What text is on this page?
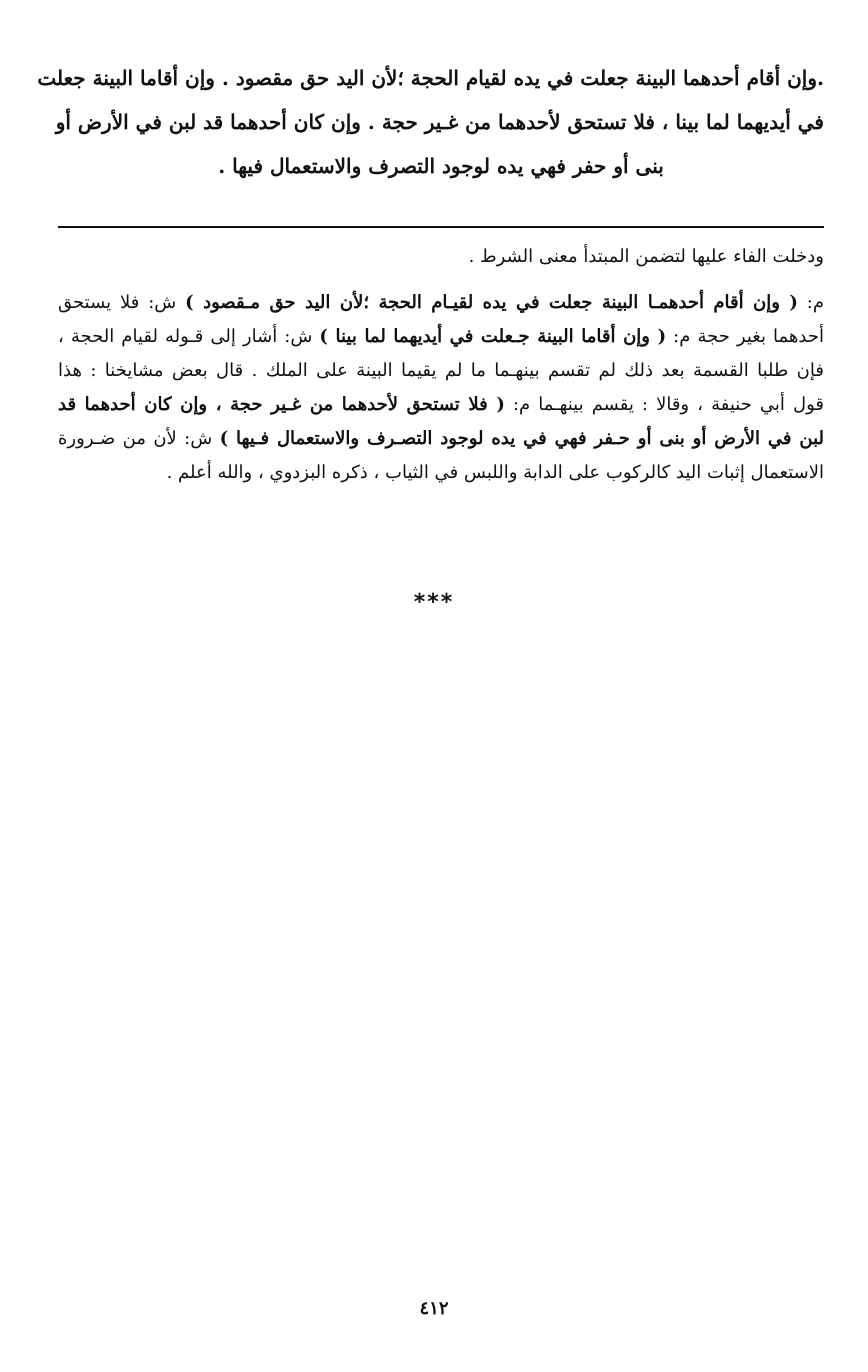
.وإن أقام أحدهما البينة جعلت في يده لقيام الحجة ؛لأن اليد حق مقصود . وإن أقاما البينة جعلت
في أيديهما لما بينا ، فلا تستحق لأحدهما من غـير حجة . وإن كان أحدهما قد لبن في الأرض أو
بنى أو حفر فهي يده لوجود التصرف والاستعمال فيها .
ودخلت الفاء عليها لتضمن المبتدأ معنى الشرط .
م: ( وإن أقام أحدهمـا البينة جعلت في يده لقيـام الحجة ؛لأن اليد حق مـقصود ) ش: فلا يستحق
أحدهما بغير حجة م: ( وإن أقاما البينة جـعلت في أيديهما لما بينا ) ش: أشار إلى قـوله لقيام الحجة ،
فإن طلبا القسمة بعد ذلك لم تقسم بينهـما ما لم يقيما البينة على الملك . قال بعض مشايخنا : هذا
قول أبي حنيفة ، وقالا : يقسم بينهـما م: ( فلا تستحق لأحدهما من غـير حجة ، وإن كان أحدهما قد
لبن في الأرض أو بنى أو حـفر فهي في يده لوجود التصـرف والاستعمال فـيها ) ش: لأن من ضـرورة
الاستعمال إثبات اليد كالركوب على الدابة واللبس في الثياب ، ذكره البزدوي ، والله أعلم .
***
٤١٢
